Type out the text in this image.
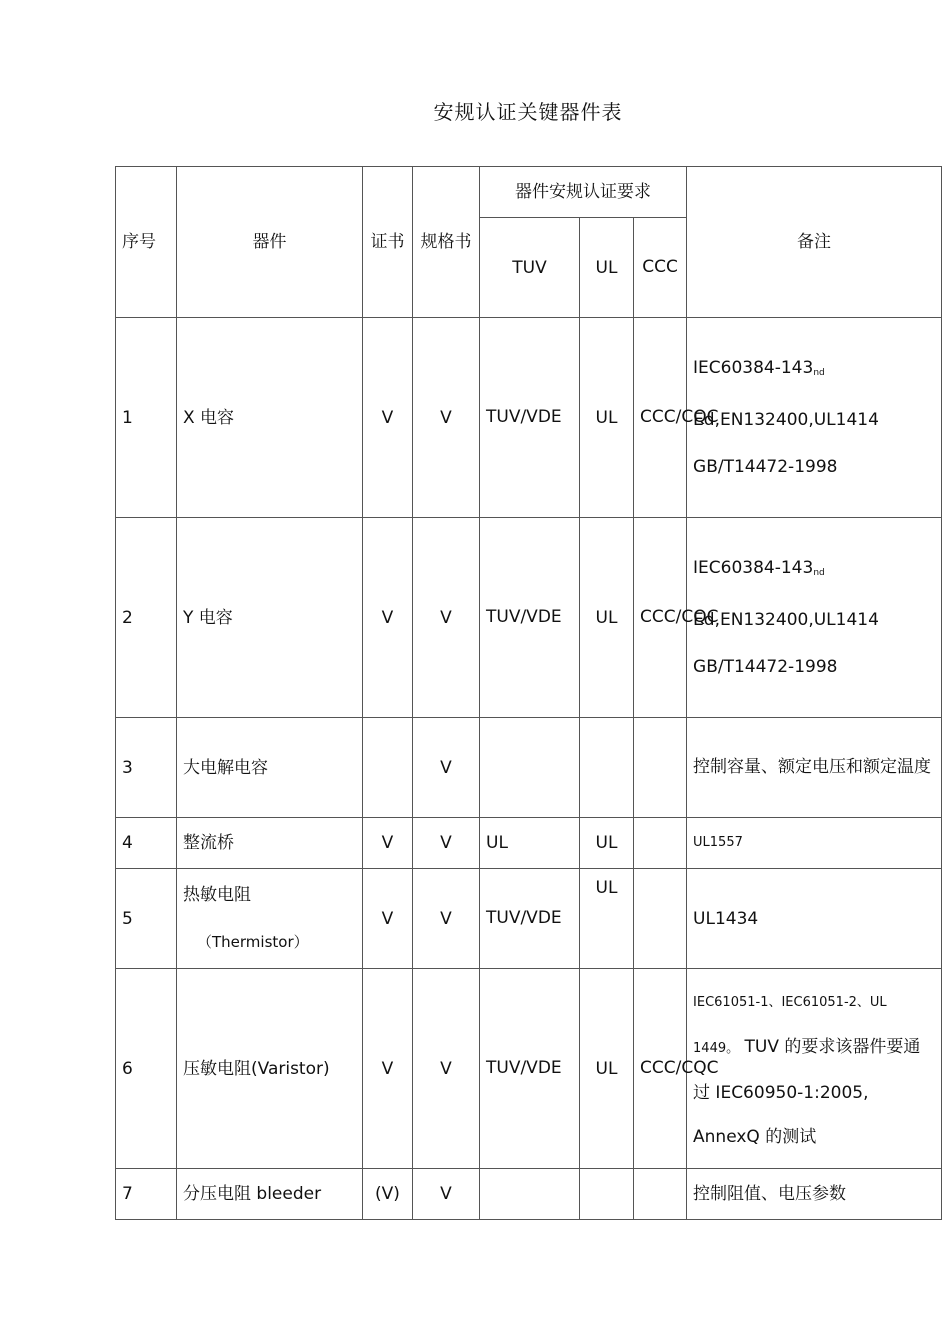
安规认证关键器件表
序号	器件	证书	规格书	器件安规认证要求			备注
				TUV	UL	CCC	
1	X 电容	V	V	TUV/VDE	UL	CCC/CQC	$IEC60384-143_{nd}$
Ed,EN132400,UL1414
GB/T14472-1998

2	Y 电容	V	V	TUV/VDE	UL	CCC/CQC	$IEC60384-143_{nd}$
Ed,EN132400,UL1414
GB/T14472-1998

3	大电解电容		V				控制容量、额定电压和额定温度
4	整流桥	V	V	UL	UL		UL1557
5	热敏电阻
（Thermistor）	V	V	TUV/VDE	UL		UL1434
6	压敏电阻(Varistor)	V	V	TUV/VDE	UL	CCC/CQC	IEC61051-1、IEC61051-2、UL 1449。 TUV 的要求该器件要通过 IEC60950-1:2005, AnnexQ 的测试
7	分压电阻 bleeder	(V)	V				控制阻值、电压参数
